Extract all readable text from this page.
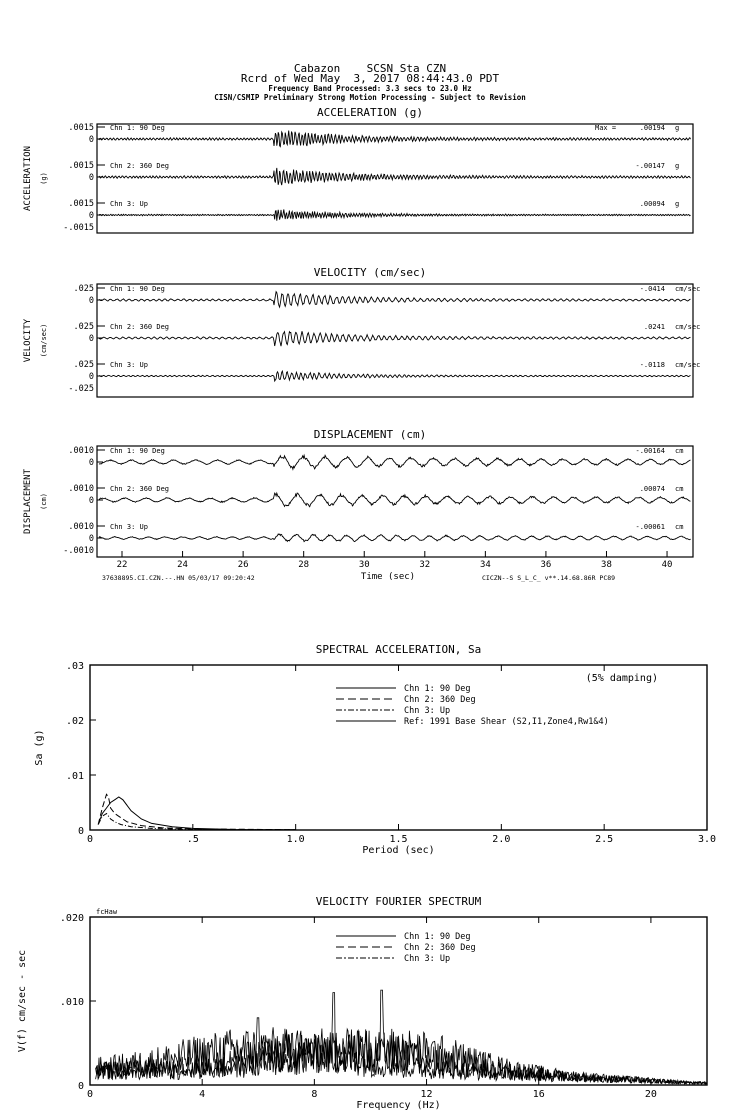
Cabazon    SCSN Sta CZN
Rcrd of Wed May  3, 2017 08:44:43.0 PDT
Frequency Band Processed: 3.3 secs to 23.0 Hz
CISN/CSMIP Preliminary Strong Motion Processing - Subject to Revision
ACCELERATION (g)
ACCELERATION (g)
.0015
0
Chn 1: 90 Deg	Max =	.00194 g
.0015
0
Chn 2: 360 Deg	-.00147 g
.0015
0
-.0015
Chn 3: Up	.00094 g
VELOCITY (cm/sec)
VELOCITY (cm/sec)
.025
0
Chn 1: 90 Deg	-.0414 cm/sec
.025
0
Chn 2: 360 Deg	.0241 cm/sec
.025
0
-.025
Chn 3: Up	-.0118 cm/sec
DISPLACEMENT (cm)
DISPLACEMENT (cm)
.0010
0
Chn 1: 90 Deg	-.00164 cm
.0010
0
Chn 2: 360 Deg	.00074 cm
.0010
0
-.0010
Chn 3: Up	-.00061 cm
22	24	26	28	30	32	34	36	38	40
Time (sec)
37638895.CI.CZN.--.HN 05/03/17 09:20:42	CICZN--S S_L_C_ v**.14.68.86R PC89
SPECTRAL ACCELERATION, Sa
Period (sec)
Sa (g)
0	.5	1.0	1.5	2.0	2.5	3.0
0
.01
.02
.03
Chn 1: 90 Deg
Chn 2: 360 Deg
Chn 3: Up
Ref: 1991 Base Shear (S2,I1,Zone4,Rw1&4)
(5% damping)
VELOCITY FOURIER SPECTRUM
Frequency (Hz)
V(f) cm/sec - sec
0	4	8	12	16	20
0
.010
.020
Chn 1: 90 Deg
Chn 2: 360 Deg
Chn 3: Up
fcHaw
